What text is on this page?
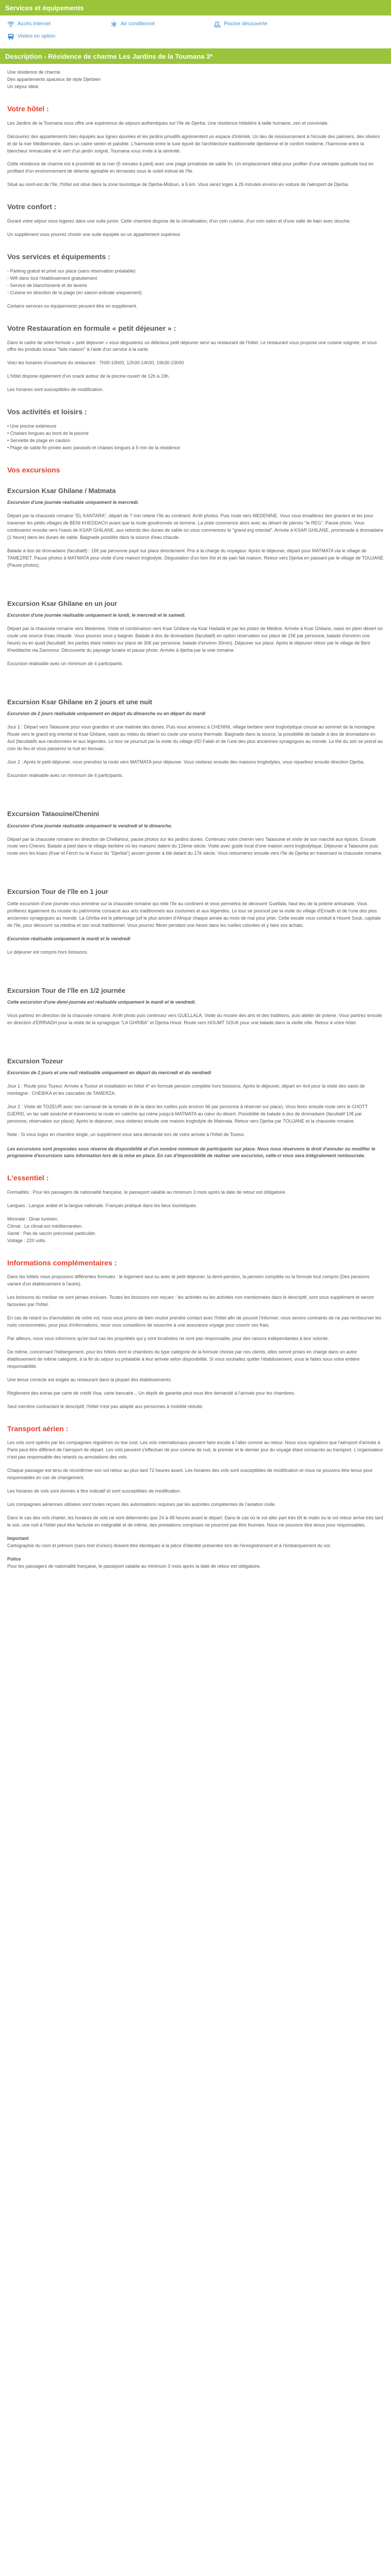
Services et équipements
Accès Internet	Air conditionné	Piscine découverte
Visites en option
Description - Résidence de charme Les Jardins de la Toumana 3*

Une résidence de charme

Des appartements spacieux de style Djerbien

Un séjour idéal

Votre hôtel :

Les Jardins de la Toumana vous offre une expérience de séjours authentiques sur l'île de Djerba. Une résidence hôtelière à taille humaine, zen et conviviale.

Découvrez des appartements bien équipés aux lignes épurées et les jardins privatifs agrémentent un espace d'intimité. Un lieu de ressourcement à l'écoute des palmiers, des oliviers et de la mer Méditerranée, dans un cadre serein et paisible. L'harmonie entre le luxe épuré de l'architecture traditionnelle djerbienne et le confort moderne, l'harmonie entre la blancheur immaculée et le vert d'un jardin soigné, Toumana vous invite à la sérénité.

Cette résidence de charme est à proximité de la mer (5 minutes à pied) avec une plage privatisée de sable fin. Un emplacement idéal pour profiter d'une véritable quiétude tout en profitant d'un environnement de détente agréable en terrasses sous le soleil estival de l'île.

Situé au nord-est de l'île, l'hôtel est situé dans la zone touristique de Djerba-Midoun, à 5 km. Vous serez logés à 25 minutes environ en voiture de l'aéroport de Djerba.

Votre confort :

Durant votre séjour vous logerez dans une suite junior. Cette chambre dispose de la climatisation, d'un coin cuisine, d'un coin salon et d'une salle de bain avec douche.

Un supplément vous pourrez choisir une suite équipée ou un appartement supérieur.

Vos services et équipements :
- Parking gratuit et privé sur place (sans réservation préalable)
- Wifi dans tout l'établissement gratuitement
- Service de blanchisserie et de laverie
- Cuisine en direction de la plage (en saison estivale uniquement)

Certains services ou équipements peuvent être en supplément.

Votre Restauration en formule « petit déjeuner » :

Dans le cadre de votre formule « petit déjeuner » vous dégusterez un délicieux petit déjeuner servi au restaurant de l'hôtel. Le restaurant vous propose une cuisine soignée, et vous offre les produits locaux "faits maison" à l'aide d'un service à la carte.

Voici les horaires d'ouverture du restaurant : 7h00-10h00, 12h30-14h30, 19h30-23h00

L'hôtel dispose également d'un snack autour de la piscine ouvert de 12h à 19h.

Les horaires sont susceptibles de modification.

Vos activités et loisirs :
• Une piscine extérieure
• Chaises longues au bord de la piscine
• Serviette de plage en caution
• Plage de sable fin privée avec parasols et chaises longues à 5 min de la résidence
Vos excursions
Excursion Ksar Ghilane / Matmata

Excursion d'une journée réalisable uniquement le mercredi.

Départ par la chaussée romaine "EL KANTARA", départ de 7 min retenir l'île au continent. Arrêt photos. Puis route vers MEDENINE. Vous vous émaillerez des graviers et les pour traverser les petits villages de BENI KHEDDACH avant que la route goudronnée se termine. La piste commence alors avec au désert de pierres "le REG". Pause photo. Vous continuerez ensuite vers l'oasis de KSAR GHILANE, aux rebords des dunes de sable où vous commencez le "grand erg oriental". Arrivée à KSAR GHILANE, promenade à dromadaire (1 heure) dans les dunes de sable. Baignade possible dans la source d'eau chaude.

Balade à dos de dromadaire (facultatif) : 15€ par personne payé sur place directement. Prix à la charge du voyageur. Après le déjeuner, départ pour MATMATA via le village de TAMEZRET. Pause photos à MATMATA pour visite d'une maison troglodyte. Dégustation d'un bon thé et de pain fait maison. Retour vers Djerba en passant par le village de TOUJANE (Pause photos).

Excursion Ksar Ghilane en un jour

Excursion d'une journée réalisable uniquement le lundi, le mercredi et le samedi.

Départ par la chaussée romaine vers Médenine. Visite et combinaison vers Ksar Ghilane via Ksar Hadada et par les pistes de Médine. Arrivée à Ksar Ghilane, oasis en plein désert où coule une source d'eau chaude. Vous pourrez vous y baigner. Balade à dos de dromadaire (facultatif) en option réservation sur place de 15€ par personne, balade d'environ une heure) ou en quad (facultatif, les parties étant notées sur place de 30€ par personne, balade d'environ 30min). Déjeuner sur place. Après le déjeuner retour par le village de Beni Kheddache via Zammour. Découverte du paysage lunaire et pause photo. Arrivée à djerba par la voie romaine.

Excursion réalisable avec un minimum de 4 participants.

Excursion Ksar Ghilane en 2 jours et une nuit

Excursion de 2 jours réalisable uniquement en départ du dimanche ou en départ du mardi

Jour 1 : Départ vers Tataouine pour vous grandes et une matinée des dunes. Puis vous arriverez à CHENINI, village berbère semi troglodytique creusé au sommet de la montagne. Route vers le grand erg oriental et Ksar Ghilane, oasis au milieu du désert où coule une source thermale. Baignade dans la source, la possibilité de balade à dos de dromadaire en 4x4 (facultatifs aux randonnées et aux légendes. Le tour se poursuit par la visite du village d'El Falah et de l'une des plus anciennes synagogues au monde. Le thé du soir se prend au coin du feu et vous passerez la nuit en bivouac.

Jour 2 : Après le petit déjeuner, vous prendrez la route vers MATMATA pour déjeuner. Vous visiterez ensuite des maisons troglodytes, vous repartirez ensuite direction Djerba.

Excursion réalisable avec un minimum de 4 participants.

Excursion Tataouine/Chenini

Excursion d'une journée réalisable uniquement le vendredi et le dimanche.

Départ par la chaussée romaine en direction de Chellahoui, pause photos sur les jardins dunes. Continuez votre chemin vers Tataouine et visite de son marché aux épices. Ensuite route vers Chenini. Balade à pied dans le village berbère où les maisons datent du 12ème siècle. Visite avec guide local d'une maison semi troglodytique. Déjeuner à Tataouine puis route vers les ksars (Ksar el Ferch ou le Ksour du "Djerbia") ancien grenier à blé datant du 17è siècle. Vous retournerez ensuite vers l'île de Djerba en traversant la chaussée romaine.

Excursion Tour de l'île en 1 jour

Cette excursion d'une journée vous emmène sur la chaussée romaine qui relie l'île au continent et vous permettra de découvrir Guellala, haut lieu de la poterie artisanale. Vous profiterez également du musée du patrimoine consacré aux arts traditionnels aux coutumes et aux légendes. Le tour se poursuit par la visite du village d'Erriadh et de l'une des plus anciennes synagogues au monde. La Ghriba est le pèlerinage juif le plus ancien d'Afrique chaque année au mois de mai pour prier. Cette escale vous conduit à Houmt Souk, capitale de l'île, pour découvrir sa médina et son souk traditionnel. Vous pourrez flâner pendant une heure dans les ruelles colorées et y faire vos achats.

Excursion réalisable uniquement le mardi et le vendredi

Le déjeuner est compris hors boissons.

Excursion Tour de l'île en 1/2 journée

Cette excursion d'une demi-journée est réalisable uniquement le mardi et le vendredi.

Vous partirez en direction de la chaussée romaine. Arrêt photo puis continuez vers GUELLALA. Visite du musée des arts et des traditions, puis atelier de poterie. Vous partirez ensuite en direction d'ERRIADH pour la visite de la synagogue "LA GHRIBA" et Djerba Hood. Route vers HOUMT SOUK pour une balade dans la vieille ville. Retour à votre hôtel.

Excursion Tozeur

Excursion de 2 jours et une nuit réalisable uniquement en départ du mercredi et du vendredi

Jour 1 : Route pour Tozeur. Arrivée à Tozeur et installation en hôtel 4* en formule pension complète hors boissons. Après le déjeuner, départ en 4x4 pour la visite des oasis de montagne : CHEBIKA et les cascades de TAMERZA.

Jour 2 : Visite de TOZEUR avec son carnaval de la tomate et de la dans les ruelles puis environ 96 par personne à réserver sur place). Vous ferez ensuite route vers le CHOTT DJERID, un lac salé asséché et traverserez la route en calèche qui mène jusqu'à MATMATA au cœur du désert. Possibilité de balade à dos de dromadaire (facultatif 10€ par personne, réservation sur place). Après le déjeuner, vous visiterez ensuite une maison troglodyte de Matmata. Retour vers Djerba par TOUJANE et la chaussée romaine.

Note : Si vous logez en chambre single, un supplément vous sera demandé lors de votre arrivée à l'hôtel de Tozeur.

Les excursions sont proposées sous réserve de disponibilité et d'un nombre minimum de participants sur place. Nous nous réservons le droit d'annuler ou modifier le programme d'excursions sans information lors de la mise en place. En cas d'impossibilité de réaliser une excursion, celle-ci vous sera intégralement remboursée.

L'essentiel :

Formalités : Pour les passagers de nationalité française, le passeport valable au minimum 3 mois après la date de retour est obligatoire.

Langues : Langue arabe et la langue nationale. Français pratiqué dans les lieux touristiques.

Monnaie : Dinar tunisien.
Climat : Le climat est méditerranéen.
Santé : Pas de vaccin préconisé particulier.
Voltage : 220 volts.
Informations complémentaires :

Dans les hôtels nous proposons différentes formules : le logement seul ou avec le petit déjeuner, la demi-pension, la pension complète ou la formule tout compris (Des pensions variant d'un établissement à l'autre).

Les boissons du minibar ne sont jamais incluses. Toutes les boissons non reçues : les activités ou les activités non mentionnées dans le descriptif, sont sous supplément et seront facturées par l'hôtel.

En cas de retard ou d'annulation de votre vol, nous vous prions de bien vouloir prendre contact avec l'hôtel afin de pouvoir l'informer, nous serons contraints de ne pas rembourser les nuits consommées, pour plus d'informations, nous vous conseillons de souscrire à une assurance voyage pour couvrir ces frais.

Par ailleurs, nous vous informons qu'en tout cas les propriétés qui y sont localisées ne sont pas responsable, pour des raisons indépendantes à leur volonté.

De même, concernant l'hébergement, pour les hôtels dont le chambres du type catégorie de la formule choisie par nos clients, elles seront prises en charge dans un autre établissement de même catégorie, à la fin du séjour ou préalable à leur arrivée selon disponibilité. Si vous souhaitez quitter l'établissement, vous le faites sous votre entière responsabilité.

Une tenue correcte est exigée au restaurant dans la plupart des établissements.

Règlement des extras par carte de crédit Visa, carte bancaire... Un dépôt de garantie peut vous être demandé à l'arrivée pour les chambres.

Seul membre contractant le descriptif, l'hôtel n'est pas adapté aux personnes à mobilité réduite.

Transport aérien :

Les vols sont opérés par les compagnies régulières ou low cost. Les vols internationaux peuvent faire escale à l'aller comme au retour. Nous vous signalons que l'aéroport d'arrivée à Paris peut être différent de l'aéroport de départ. Les vols peuvent s'effectuer de jour comme de nuit, le premier et le dernier jour du voyage étant consacrés au transport. L'organisateur n'est pas responsable des retards ou annulations des vols.

Chaque passager est tenu de reconfirmer son vol retour au plus tard 72 heures avant. Les horaires des vols sont susceptibles de modification et nous ne pouvons être tenus pour responsables en cas de changement.

Les horaires de vols sont donnés à titre indicatif et sont susceptibles de modification.

Les compagnies aériennes utilisées sont toutes reçues des autorisations requises par les autorités compétentes de l'aviation civile.

Dans le cas des vols charter, les horaires de vols ne sont déterminés que 24 à 48 heures avant le départ. Dans le cas où le vol aller part très tôt le matin ou le vol retour arrive très tard le soir, une nuit à l'hôtel peut être facturée en intégralité et de même, des prestations comprises ne pourront pas être fournies. Nous ne pouvons être tenus pour responsables.

Important

Cartographie du nom et prénom (sans tiret d'union) doivent être identiques à la pièce d'identité présentée lors de l'enregistrement et à l'embarquement du vol.

Police

Pour les passagers de nationalité française, le passeport valable au minimum 3 mois après la date de retour est obligatoire.
